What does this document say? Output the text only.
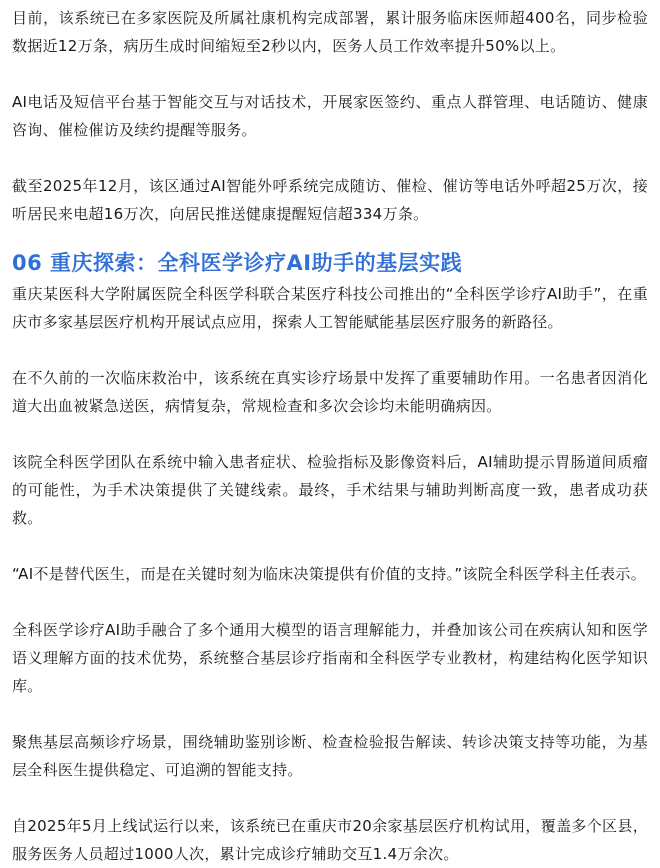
目前，该系统已在多家医院及所属社康机构完成部署，累计服务临床医师超400名，同步检验数据近12万条，病历生成时间缩短至2秒以内，医务人员工作效率提升50%以上。

AI电话及短信平台基于智能交互与对话技术，开展家医签约、重点人群管理、电话随访、健康咨询、催检催访及续约提醒等服务。

截至2025年12月，该区通过AI智能外呼系统完成随访、催检、催访等电话外呼超25万次，接听居民来电超16万次，向居民推送健康提醒短信超334万条。

06 重庆探索：全科医学诊疗AI助手的基层实践

重庆某医科大学附属医院全科医学科联合某医疗科技公司推出的“全科医学诊疗AI助手”，在重庆市多家基层医疗机构开展试点应用，探索人工智能赋能基层医疗服务的新路径。

在不久前的一次临床救治中，该系统在真实诊疗场景中发挥了重要辅助作用。一名患者因消化道大出血被紧急送医，病情复杂，常规检查和多次会诊均未能明确病因。

该院全科医学团队在系统中输入患者症状、检验指标及影像资料后，AI辅助提示胃肠道间质瘤的可能性，为手术决策提供了关键线索。最终，手术结果与辅助判断高度一致，患者成功获救。

“AI不是替代医生，而是在关键时刻为临床决策提供有价值的支持。”该院全科医学科主任表示。

全科医学诊疗AI助手融合了多个通用大模型的语言理解能力，并叠加该公司在疾病认知和医学语义理解方面的技术优势，系统整合基层诊疗指南和全科医学专业教材，构建结构化医学知识库。

聚焦基层高频诊疗场景，围绕辅助鉴别诊断、检查检验报告解读、转诊决策支持等功能，为基层全科医生提供稳定、可追溯的智能支持。

自2025年5月上线试运行以来，该系统已在重庆市20余家基层医疗机构试用，覆盖多个区县，服务医务人员超过1000人次，累计完成诊疗辅助交互1.4万余次。
